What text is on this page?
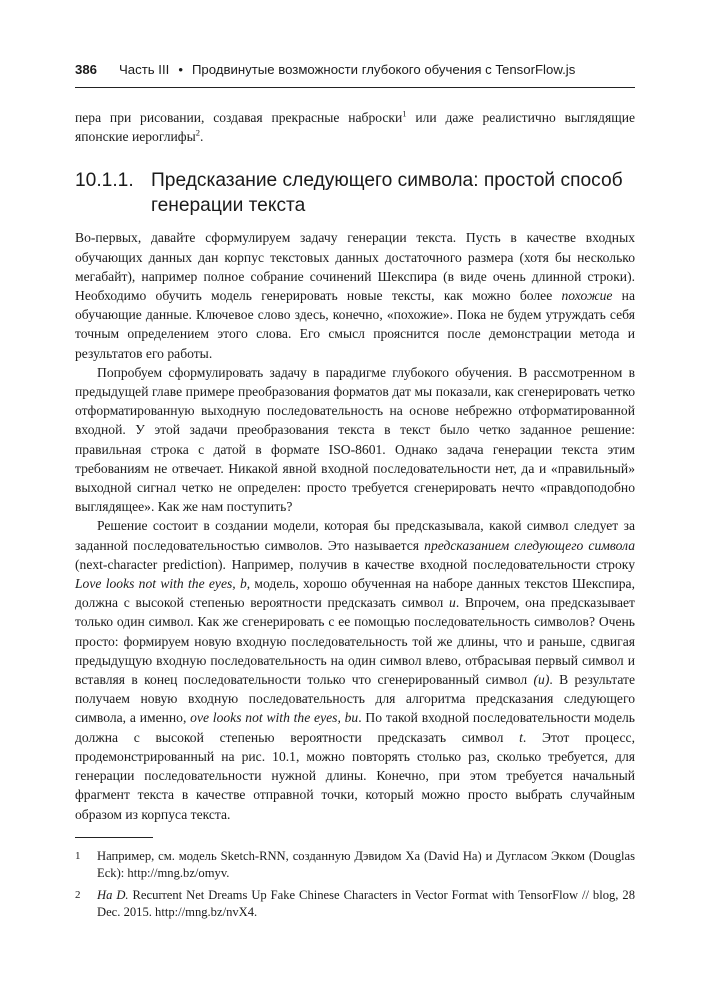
386 Часть III • Продвинутые возможности глубокого обучения с TensorFlow.js

пера при рисовании, создавая прекрасные наброски$^1$ или даже реалистично выглядящие японские иероглифы$^2$.

10.1.1. Предсказание следующего символа: простой способ генерации текста

Во-первых, давайте сформулируем задачу генерации текста. Пусть в качестве входных обучающих данных дан корпус текстовых данных достаточного размера (хотя бы несколько мегабайт), например полное собрание сочинений Шекспира (в виде очень длинной строки). Необходимо обучить модель генерировать новые тексты, как можно более похожие на обучающие данные. Ключевое слово здесь, конечно, «похожие». Пока не будем утруждать себя точным определением этого слова. Его смысл прояснится после демонстрации метода и результатов его работы.

Попробуем сформулировать задачу в парадигме глубокого обучения. В рассмотренном в предыдущей главе примере преобразования форматов дат мы показали, как сгенерировать четко отформатированную выходную последовательность на основе небрежно отформатированной входной. У этой задачи преобразования текста в текст было четко заданное решение: правильная строка с датой в формате ISO-8601. Однако задача генерации текста этим требованиям не отвечает. Никакой явной входной последовательности нет, да и «правильный» выходной сигнал четко не определен: просто требуется сгенерировать нечто «правдоподобно выглядящее». Как же нам поступить?

Решение состоит в создании модели, которая бы предсказывала, какой символ следует за заданной последовательностью символов. Это называется предсказанием следующего символа (next-character prediction). Например, получив в качестве входной последовательности строку Love looks not with the eyes, b, модель, хорошо обученная на наборе данных текстов Шекспира, должна с высокой степенью вероятности предсказать символ u. Впрочем, она предсказывает только один символ. Как же сгенерировать с ее помощью последовательность символов? Очень просто: формируем новую входную последовательность той же длины, что и раньше, сдвигая предыдущую входную последовательность на один символ влево, отбрасывая первый символ и вставляя в конец последовательности только что сгенерированный символ (u). В результате получаем новую входную последовательность для алгоритма предсказания следующего символа, а именно, ove looks not with the eyes, bu. По такой входной последовательности модель должна с высокой степенью вероятности предсказать символ t. Этот процесс, продемонстрированный на рис. 10.1, можно повторять столько раз, сколько требуется, для генерации последовательности нужной длины. Конечно, при этом требуется начальный фрагмент текста в качестве отправной точки, который можно просто выбрать случайным образом из корпуса текста.

1	Например, см. модель Sketch-RNN, созданную Дэвидом Ха (David Ha) и Дугласом Экком (Douglas Eck): http://mng.bz/omyv.
2	Ha D. Recurrent Net Dreams Up Fake Chinese Characters in Vector Format with TensorFlow // blog, 28 Dec. 2015. http://mng.bz/nvX4.
